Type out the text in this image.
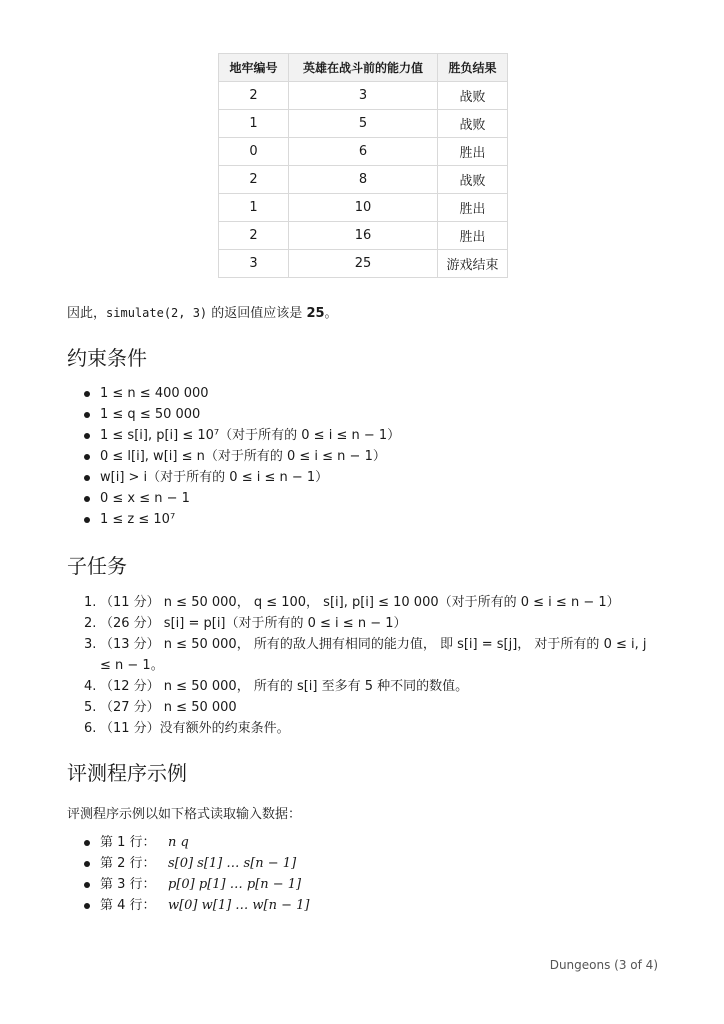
地牢编号	英雄在战斗前的能力值	胜负结果
2	3	战败
1	5	战败
0	6	胜出
2	8	战败
1	10	胜出
2	16	胜出
3	25	游戏结束
因此，simulate(2, 3) 的返回值应该是 25。
约束条件
1 ≤ n ≤ 400 000
1 ≤ q ≤ 50 000
1 ≤ s[i], p[i] ≤ 10⁷（对于所有的 0 ≤ i ≤ n − 1）
0 ≤ l[i], w[i] ≤ n（对于所有的 0 ≤ i ≤ n − 1）
w[i] > i（对于所有的 0 ≤ i ≤ n − 1）
0 ≤ x ≤ n − 1
1 ≤ z ≤ 10⁷
子任务
1. （11 分） n ≤ 50 000， q ≤ 100， s[i], p[i] ≤ 10 000（对于所有的 0 ≤ i ≤ n − 1）
2. （26 分） s[i] = p[i]（对于所有的 0 ≤ i ≤ n − 1）
3. （13 分） n ≤ 50 000， 所有的敌人拥有相同的能力值， 即 s[i] = s[j]， 对于所有的 0 ≤ i, j ≤ n − 1。
4. （12 分） n ≤ 50 000， 所有的 s[i] 至多有 5 种不同的数值。
5. （27 分） n ≤ 50 000
6. （11 分）没有额外的约束条件。
评测程序示例
评测程序示例以如下格式读取输入数据：
第 1 行： n q
第 2 行： s[0] s[1] … s[n − 1]
第 3 行： p[0] p[1] … p[n − 1]
第 4 行： w[0] w[1] … w[n − 1]
Dungeons (3 of 4)
